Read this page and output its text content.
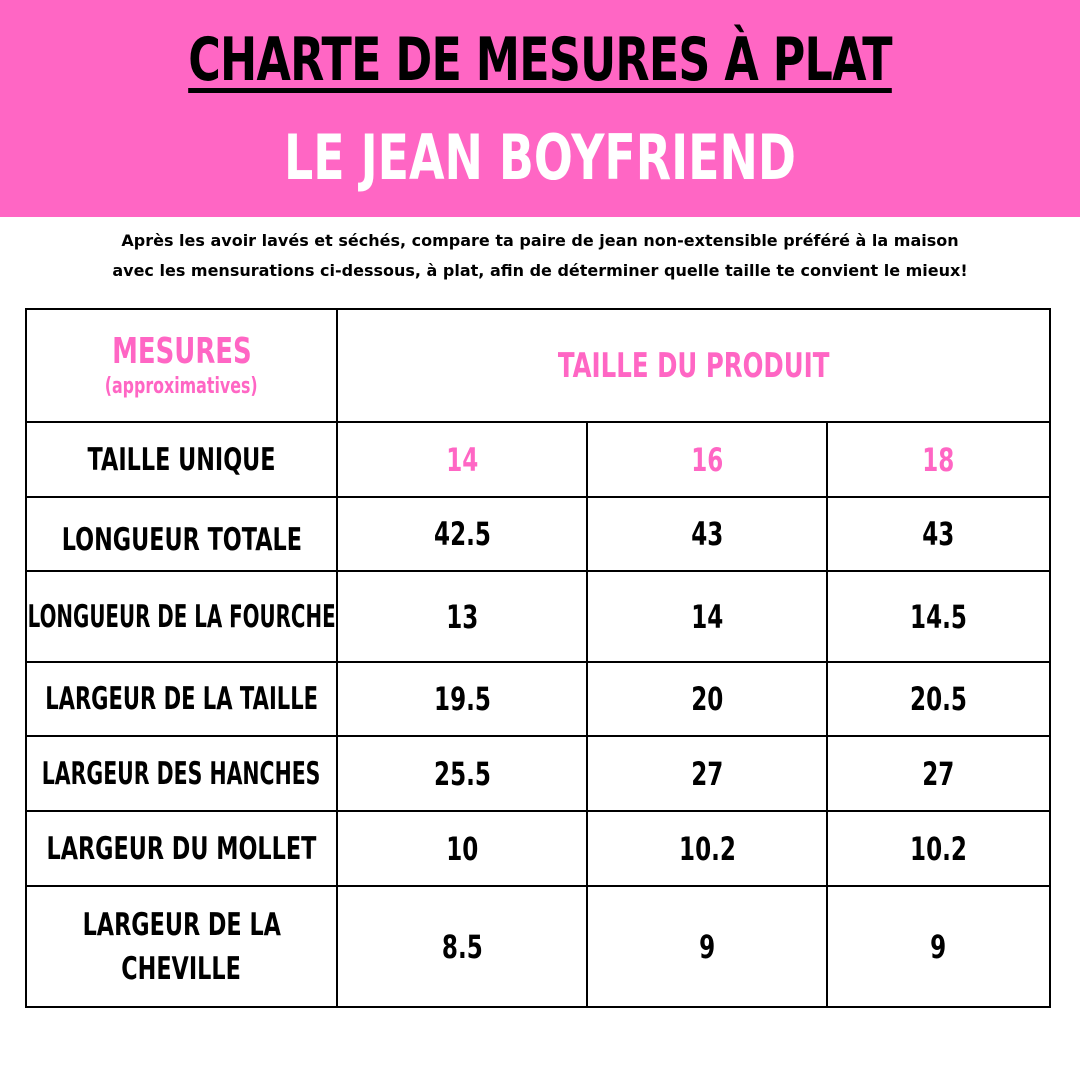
CHARTE DE MESURES À PLAT
LE JEAN BOYFRIEND
Après les avoir lavés et séchés, compare ta paire de jean non-extensible préféré à la maison
avec les mensurations ci-dessous, à plat, afin de déterminer quelle taille te convient le mieux!
MESURES
(approximatives)
TAILLE DU PRODUIT
TAILLE UNIQUE	14	16	18
LONGUEUR TOTALE	42.5	43	43
LONGUEUR DE LA FOURCHE	13	14	14.5
LARGEUR DE LA TAILLE	19.5	20	20.5
LARGEUR DES HANCHES	25.5	27	27
LARGEUR DU MOLLET	10	10.2	10.2
LARGEUR DE LA
CHEVILLE
8.5	9	9
